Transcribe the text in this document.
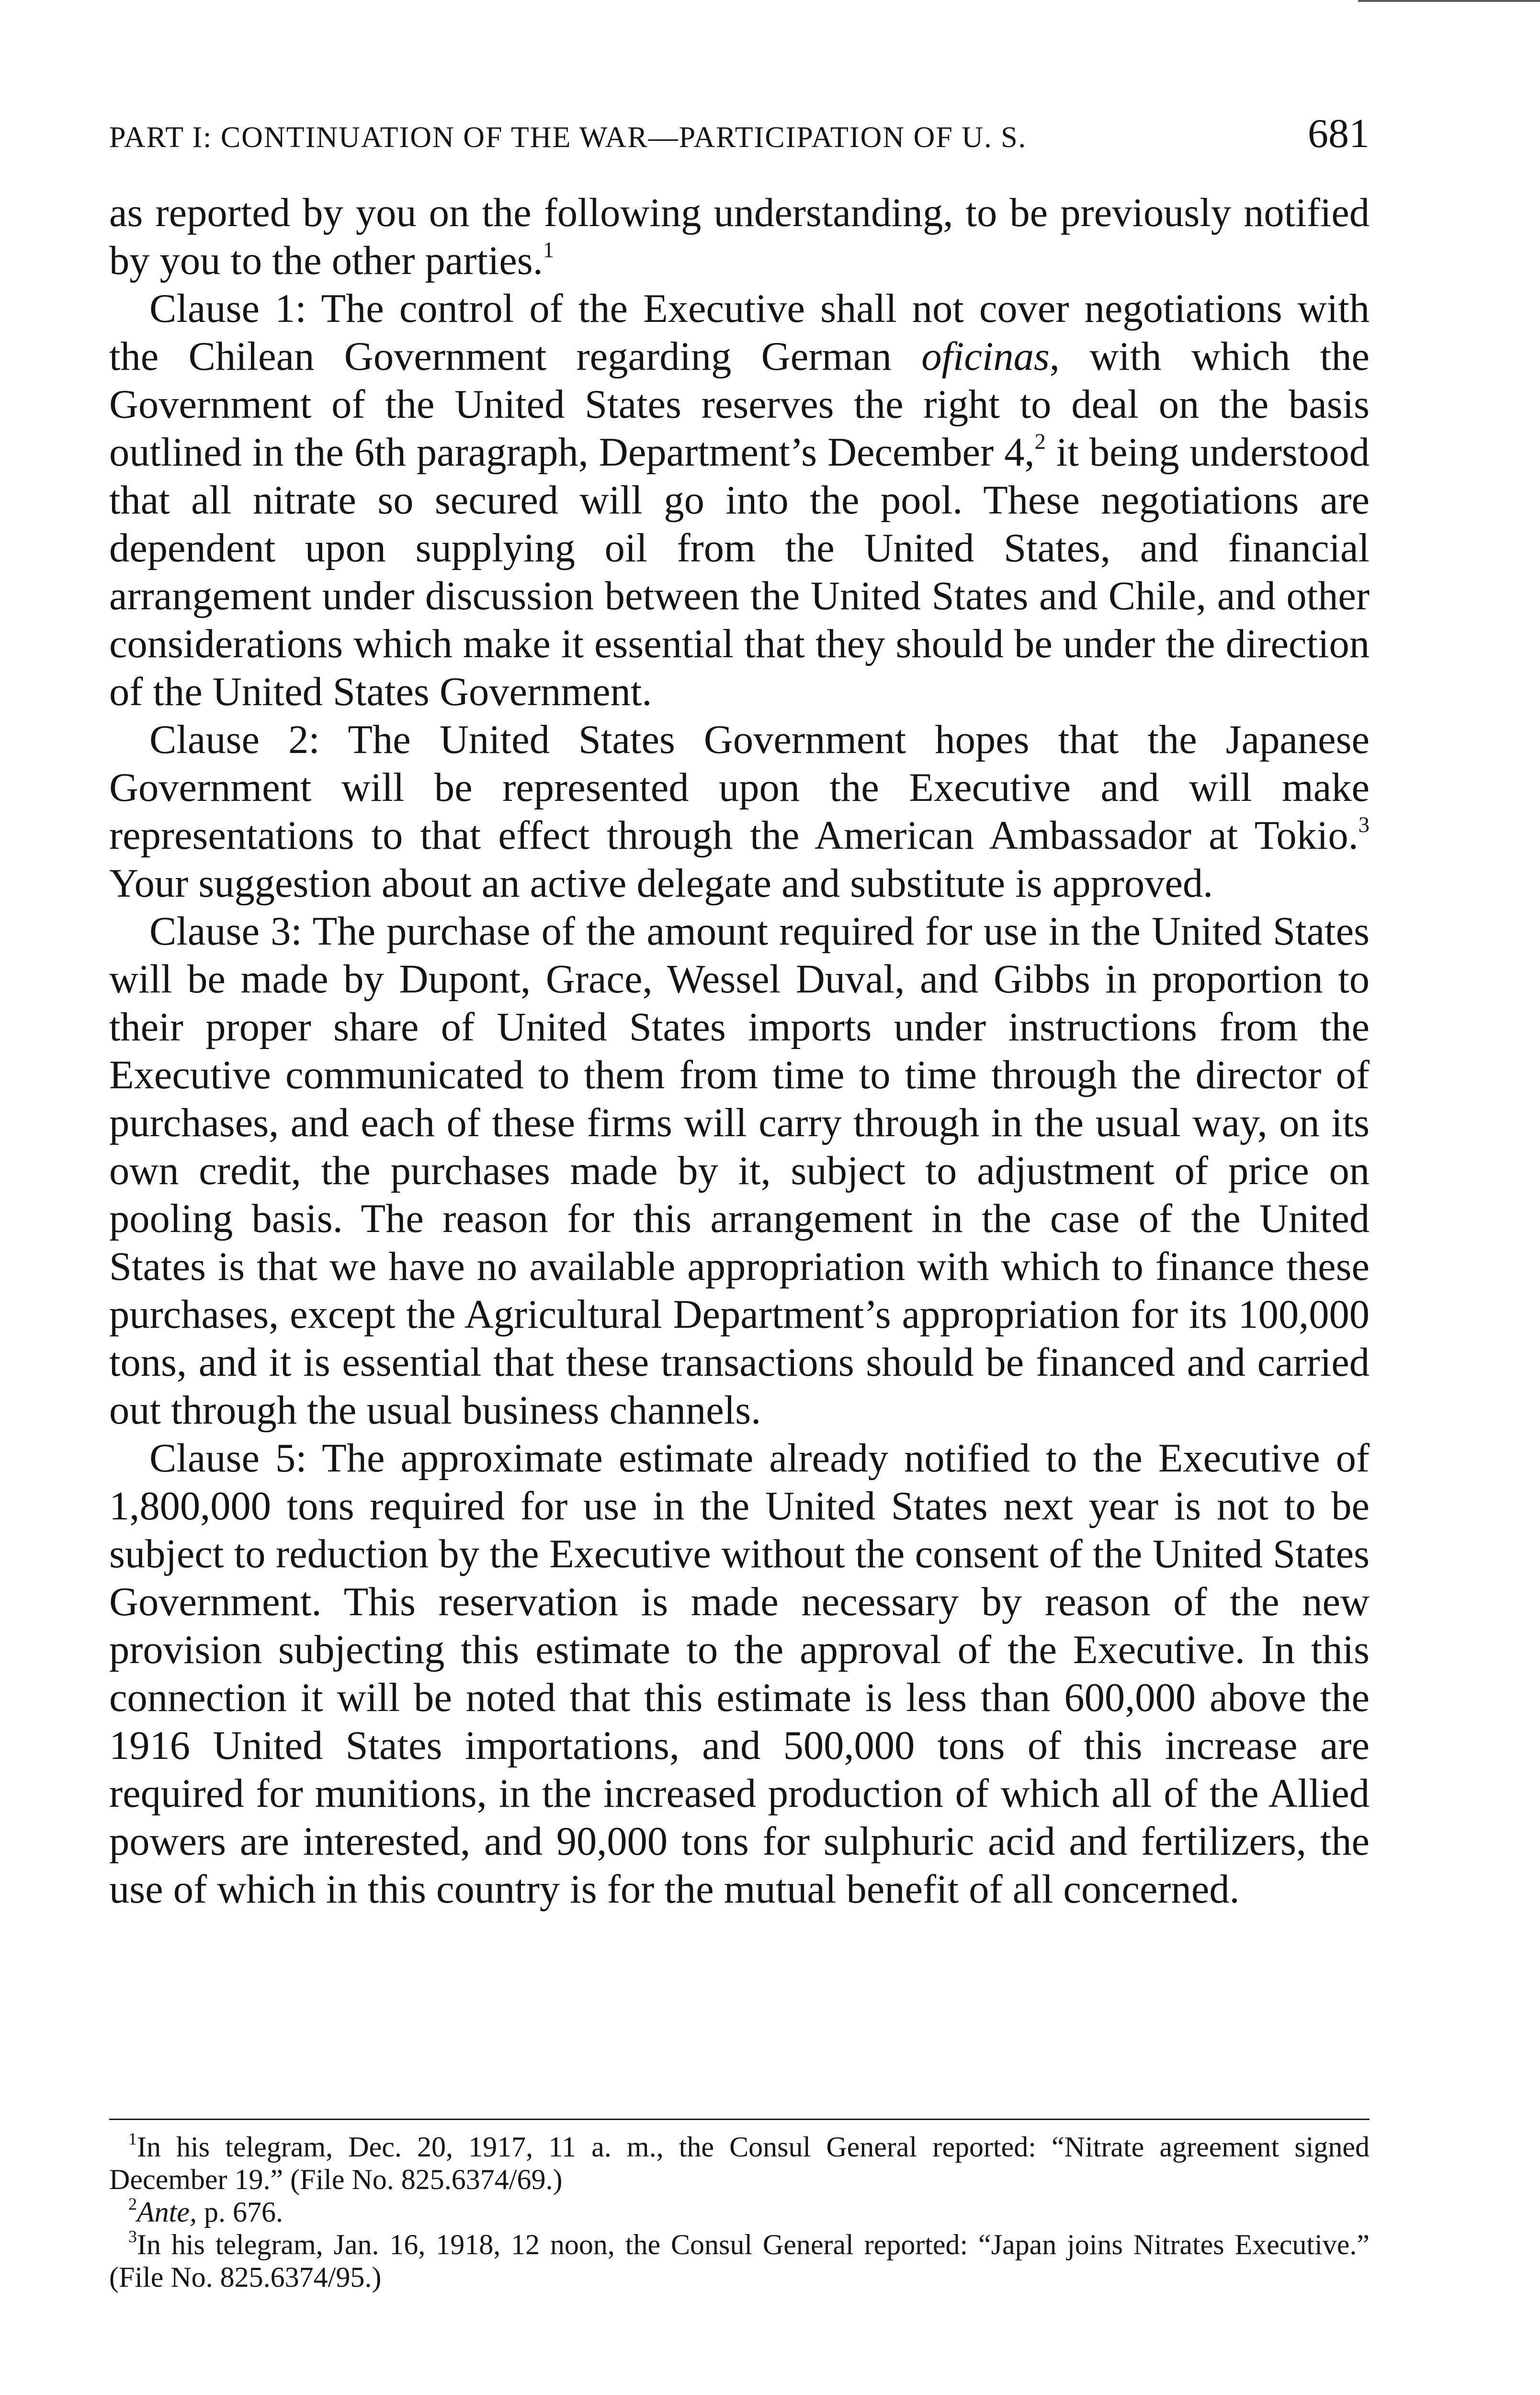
PART I: CONTINUATION OF THE WAR—PARTICIPATION OF U. S.	681

as reported by you on the following understanding, to be previously notified by you to the other parties.$^1$

Clause 1: The control of the Executive shall not cover negotiations with the Chilean Government regarding German oficinas, with which the Government of the United States reserves the right to deal on the basis outlined in the 6th paragraph, Department’s December 4,$^2$ it being understood that all nitrate so secured will go into the pool. These negotiations are dependent upon supplying oil from the United States, and financial arrangement under discussion between the United States and Chile, and other considerations which make it essential that they should be under the direction of the United States Government.

Clause 2: The United States Government hopes that the Japanese Government will be represented upon the Executive and will make representations to that effect through the American Ambassador at Tokio.$^3$ Your suggestion about an active delegate and substitute is approved.

Clause 3: The purchase of the amount required for use in the United States will be made by Dupont, Grace, Wessel Duval, and Gibbs in proportion to their proper share of United States imports under instructions from the Executive communicated to them from time to time through the director of purchases, and each of these firms will carry through in the usual way, on its own credit, the purchases made by it, subject to adjustment of price on pooling basis. The reason for this arrangement in the case of the United States is that we have no available appropriation with which to finance these purchases, except the Agricultural Department’s appropriation for its 100,000 tons, and it is essential that these transactions should be financed and carried out through the usual business channels.

Clause 5: The approximate estimate already notified to the Executive of 1,800,000 tons required for use in the United States next year is not to be subject to reduction by the Executive without the consent of the United States Government. This reservation is made necessary by reason of the new provision subjecting this estimate to the approval of the Executive. In this connection it will be noted that this estimate is less than 600,000 above the 1916 United States importations, and 500,000 tons of this increase are required for munitions, in the increased production of which all of the Allied powers are interested, and 90,000 tons for sulphuric acid and fertilizers, the use of which in this country is for the mutual benefit of all concerned.

$^1$In his telegram, Dec. 20, 1917, 11 a. m., the Consul General reported: “Nitrate agreement signed December 19.” (File No. 825.6374/69.)

$^2$Ante, p. 676.

$^3$In his telegram, Jan. 16, 1918, 12 noon, the Consul General reported: “Japan joins Nitrates Executive.” (File No. 825.6374/95.)
